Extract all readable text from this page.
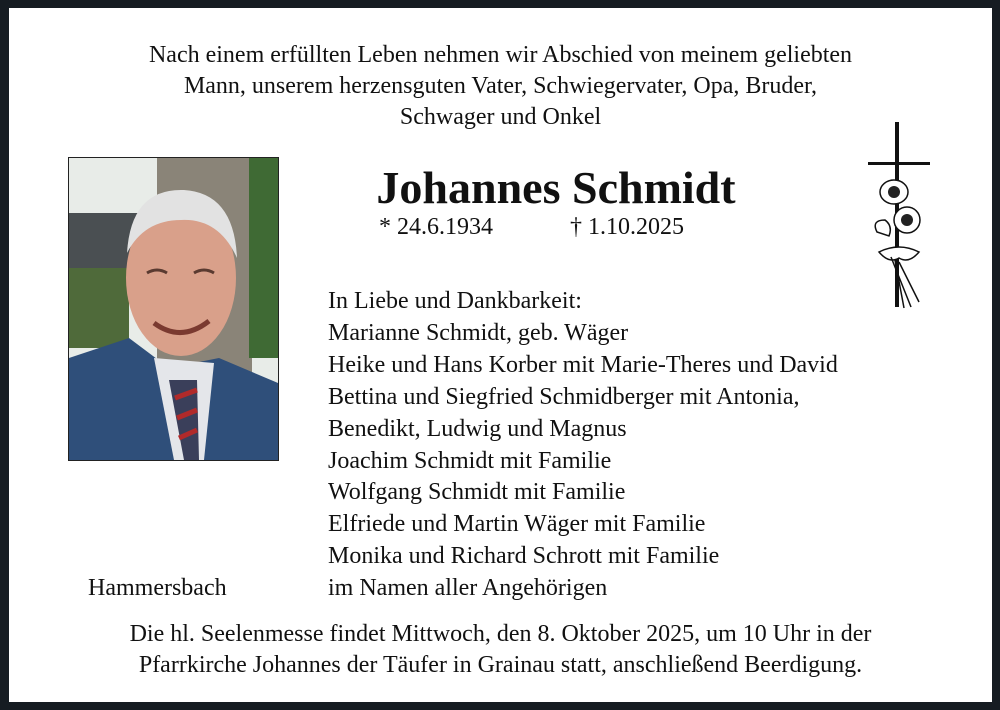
Nach einem erfüllten Leben nehmen wir Abschied von meinem geliebten
Mann, unserem herzensguten Vater, Schwiegervater, Opa, Bruder,
Schwager und Onkel
Johannes Schmidt
* 24.6.1934	† 1.10.2025
In Liebe und Dankbarkeit:
Marianne Schmidt, geb. Wäger
Heike und Hans Korber mit Marie-Theres und David
Bettina und Siegfried Schmidberger mit Antonia,
Benedikt, Ludwig und Magnus
Joachim Schmidt mit Familie
Wolfgang Schmidt mit Familie
Elfriede und Martin Wäger mit Familie
Monika und Richard Schrott mit Familie
im Namen aller Angehörigen
Hammersbach
Die hl. Seelenmesse findet Mittwoch, den 8. Oktober 2025, um 10 Uhr in der
Pfarrkirche Johannes der Täufer in Grainau statt, anschließend Beerdigung.
